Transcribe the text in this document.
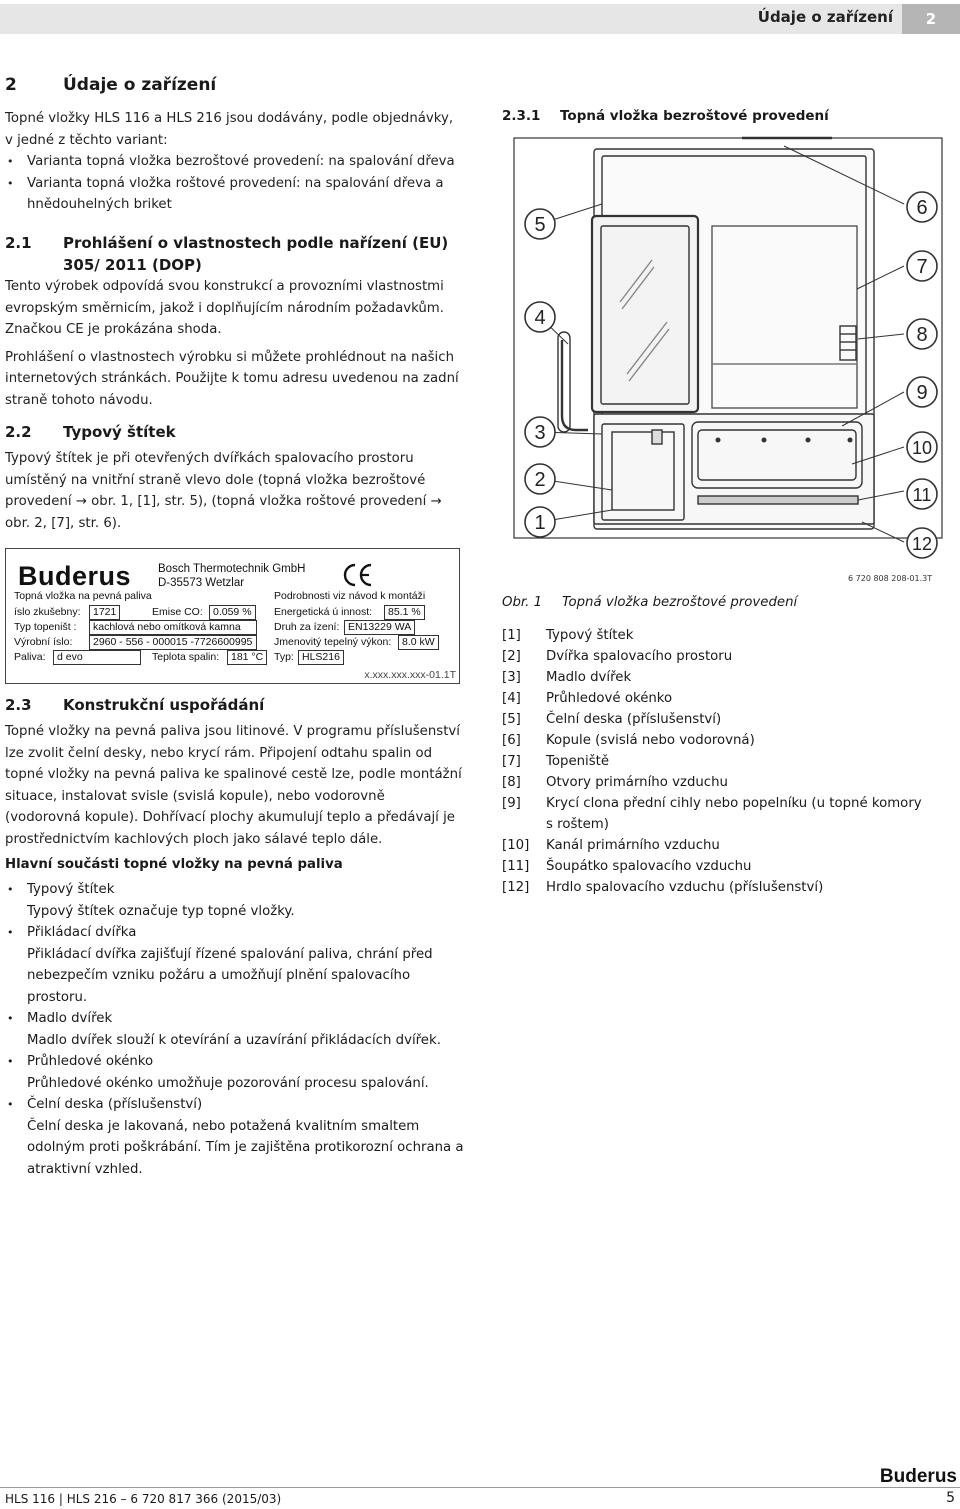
Údaje o zařízení	2
2	Údaje o zařízení

Topné vložky HLS 116 a HLS 216 jsou dodávány, podle objednávky, v jedné z těchto variant:

• Varianta topná vložka bezroštové provedení: na spalování dřeva
• Varianta topná vložka roštové provedení: na spalování dřeva a hnědouhelných briket
2.1	Prohlášení o vlastnostech podle nařízení (EU) 305/ 2011 (DOP)

Tento výrobek odpovídá svou konstrukcí a provozními vlastnostmi evropským směrnicím, jakož i doplňujícím národním požadavkům. Značkou CE je prokázána shoda.

Prohlášení o vlastnostech výrobku si můžete prohlédnout na našich internetových stránkách. Použijte k tomu adresu uvedenou na zadní straně tohoto návodu.

2.2 Typový štítek

Typový štítek je při otevřených dvířkách spalovacího prostoru umístěný na vnitřní straně vlevo dole (topná vložka bezroštové provedení → obr. 1, [1], str. 5), (topná vložka roštové provedení → obr. 2, [7], str. 6).

Buderus Bosch Thermotechnik GmbH
D-35573 Wetzlar
Topná vložka na pevná paliva	Podrobnosti viz návod k montáži
íslo zkušebny:	1721	Emise CO: 0.059 %	Energetická ú innost:	85.1 %
Typ topeništ :	kachlová nebo omítková kamna	Druh za ízení: EN13229 WA
Výrobní íslo:	2960 - 556 - 000015 -7726600995	Jmenovitý tepelný výkon:	8.0 kW
Paliva:	d evo	Teplota spalin:	181 °C	Typ: HLS216
x.xxx.xxx.xxx-01.1T
2.3 Konstrukční uspořádání

Topné vložky na pevná paliva jsou litinové. V programu příslušenství lze zvolit čelní desky, nebo krycí rám. Připojení odtahu spalin od topné vložky na pevná paliva ke spalinové cestě lze, podle montážní situace, instalovat svisle (svislá kopule), nebo vodorovně (vodorovná kopule). Dohřívací plochy akumulují teplo a předávají je prostřednictvím kachlových ploch jako sálavé teplo dále.

Hlavní součásti topné vložky na pevná paliva
• Typový štítek
Typový štítek označuje typ topné vložky.
• Přikládací dvířka
Přikládací dvířka zajišťují řízené spalování paliva, chrání před nebezpečím vzniku požáru a umožňují plnění spalovacího prostoru.
• Madlo dvířek
Madlo dvířek slouží k otevírání a uzavírání přikládacích dvířek.
• Průhledové okénko
Průhledové okénko umožňuje pozorování procesu spalování.
• Čelní deska (příslušenství)
Čelní deska je lakovaná, nebo potažená kvalitním smaltem odolným proti poškrábání. Tím je zajištěna protikorozní ochrana a atraktivní vzhled.
2.3.1 Topná vložka bezroštové provedení
1
2
3
4
5
6
7
8
9
10
11
12
6 720 808 208-01.3T
Obr. 1 Topná vložka bezroštové provedení
[1]	Typový štítek
[2]	Dvířka spalovacího prostoru
[3]	Madlo dvířek
[4]	Průhledové okénko
[5]	Čelní deska (příslušenství)
[6]	Kopule (svislá nebo vodorovná)
[7]	Topeniště
[8]	Otvory primárního vzduchu
[9]	Krycí clona přední cihly nebo popelníku (u topné komory s roštem)
[10]	Kanál primárního vzduchu
[11]	Šoupátko spalovacího vzduchu
[12]	Hrdlo spalovacího vzduchu (příslušenství)
Buderus
HLS 116 | HLS 216 – 6 720 817 366 (2015/03)	5
